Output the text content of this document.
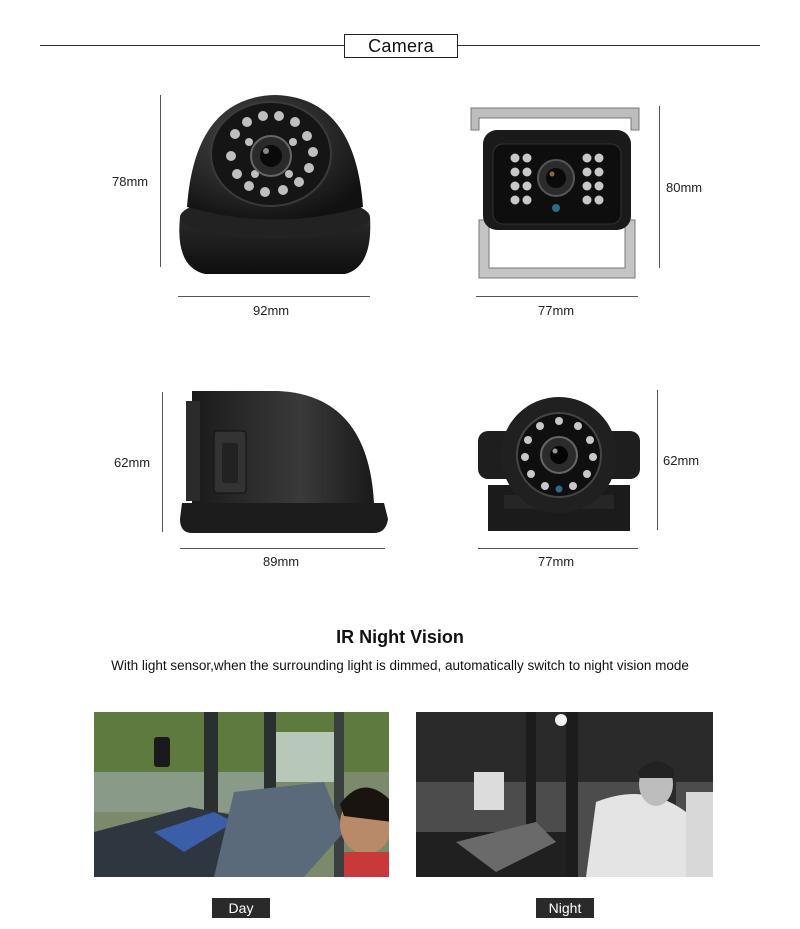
Camera
78mm
92mm
80mm
77mm
62mm
89mm
62mm
77mm
IR Night Vision
With light sensor,when the surrounding light is dimmed, automatically switch to night vision mode
Day	Night
